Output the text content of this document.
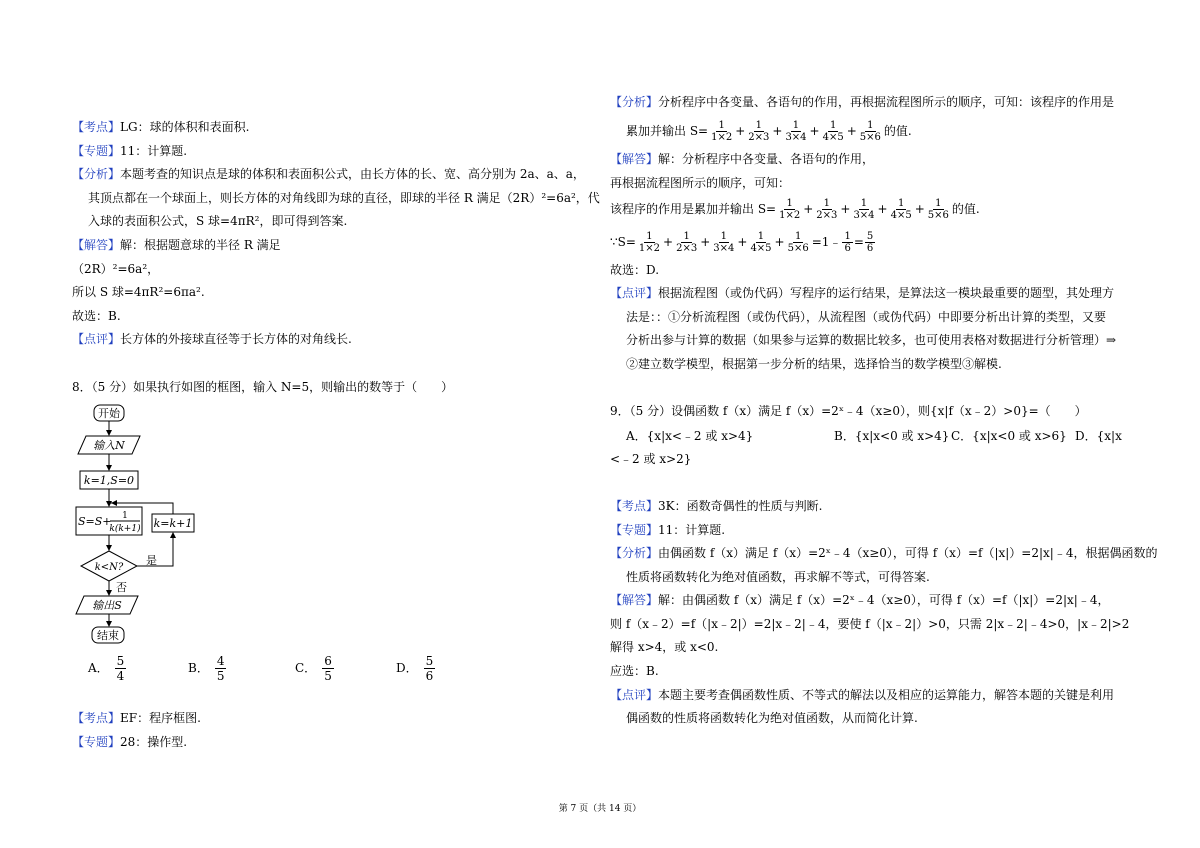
【考点】LG：球的体积和表面积.
【专题】11：计算题.
【分析】本题考查的知识点是球的体积和表面积公式，由长方体的长、宽、高分别为 2a、a、a，
其顶点都在一个球面上，则长方体的对角线即为球的直径，即球的半径 R 满足（2R）²=6a²，代
入球的表面积公式，S 球=4πR²，即可得到答案.
【解答】解：根据题意球的半径 R 满足
（2R）²=6a²，
所以 S 球=4πR²=6πa².
故选：B.
【点评】长方体的外接球直径等于长方体的对角线长.
8．（5 分）如果执行如图的框图，输入 N=5，则输出的数等于（　　）
开始
输入N
k=1,S=0
S=S+ 1
k(k+1) k=k+1
k<N?
是
否
输出S
结束
A． $\frac{5}{4}$	B． $\frac{4}{5}$	C． $\frac{6}{5}$	D． $\frac{5}{6}$
【考点】EF：程序框图.
【专题】28：操作型.
【分析】分析程序中各变量、各语句的作用，再根据流程图所示的顺序，可知：该程序的作用是
累加并输出 $S= \frac{1}{1\times 2} + \frac{1}{2\times 3} + \frac{1}{3\times 4} + \frac{1}{4\times 5} + \frac{1}{5\times 6}$ 的值.
【解答】解：分析程序中各变量、各语句的作用，
再根据流程图所示的顺序，可知：
该程序的作用是累加并输出 $S= \frac{1}{1\times 2} + \frac{1}{2\times 3} + \frac{1}{3\times 4} + \frac{1}{4\times 5} + \frac{1}{5\times 6}$ 的值.
∵S= $\frac{1}{1\times 2} + \frac{1}{2\times 3} + \frac{1}{3\times 4} + \frac{1}{4\times 5} + \frac{1}{5\times 6}$ =1﹣ $\frac{1}{6} = \frac{5}{6}$
故选：D.
【点评】根据流程图（或伪代码）写程序的运行结果，是算法这一模块最重要的题型，其处理方
法是：：①分析流程图（或伪代码），从流程图（或伪代码）中即要分析出计算的类型，又要
分析出参与计算的数据（如果参与运算的数据比较多，也可使用表格对数据进行分析管理）⇒
②建立数学模型，根据第一步分析的结果，选择恰当的数学模型③解模.
9．（5 分）设偶函数 f（x）满足 f（x）=2ˣ﹣4（x≥0），则{x|f（x﹣2）>0}=（　　）
A．{x|x<﹣2 或 x>4}	B．{x|x<0 或 x>4} C．{x|x<0 或 x>6} D．{x|x
<﹣2 或 x>2}
【考点】3K：函数奇偶性的性质与判断.
【专题】11：计算题.
【分析】由偶函数 f（x）满足 f（x）=2ˣ﹣4（x≥0），可得 f（x）=f（|x|）=2|x|﹣4，根据偶函数的
性质将函数转化为绝对值函数，再求解不等式，可得答案.
【解答】解：由偶函数 f（x）满足 f（x）=2ˣ﹣4（x≥0），可得 f（x）=f（|x|）=2|x|﹣4，
则 f（x﹣2）=f（|x﹣2|）=2|x﹣2|﹣4，要使 f（|x﹣2|）>0，只需 2|x﹣2|﹣4>0，|x﹣2|>2
解得 x>4，或 x<0.
应选：B.
【点评】本题主要考查偶函数性质、不等式的解法以及相应的运算能力，解答本题的关键是利用
偶函数的性质将函数转化为绝对值函数，从而简化计算.
第 7 页（共 14 页）
